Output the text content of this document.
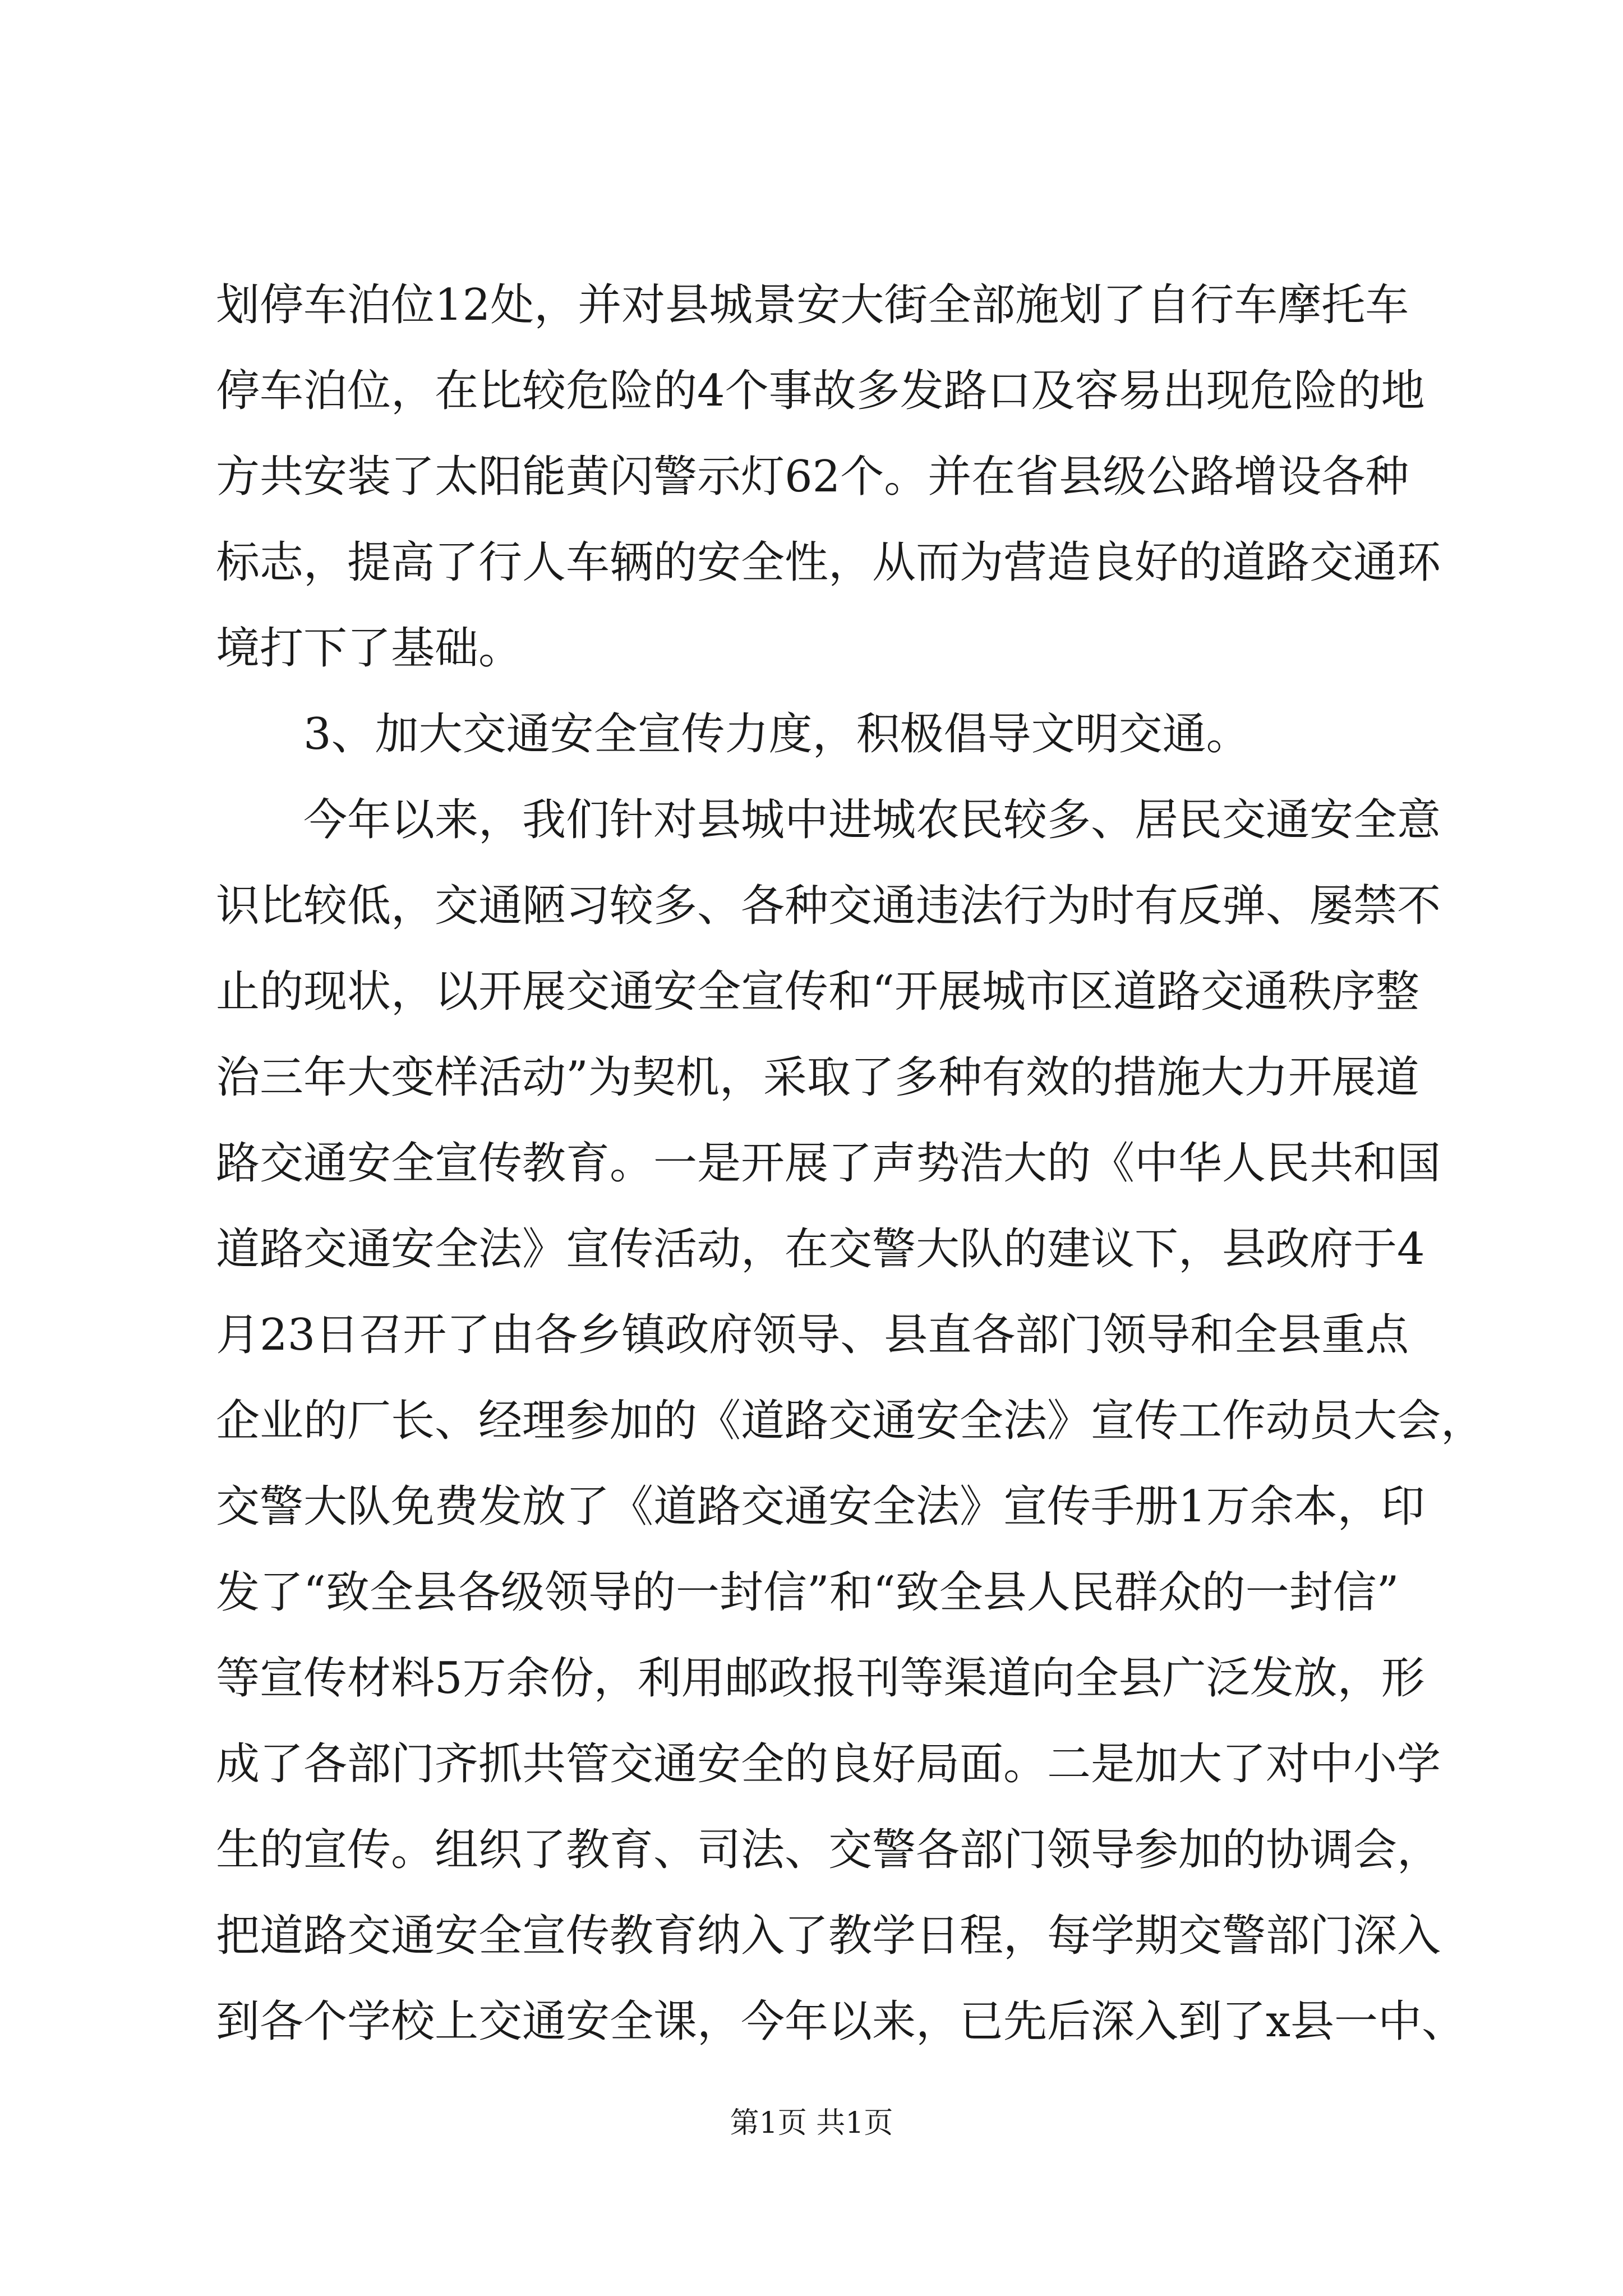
划停车泊位12处，并对县城景安大街全部施划了自行车摩托车
停车泊位，在比较危险的4个事故多发路口及容易出现危险的地
方共安装了太阳能黄闪警示灯62个。并在省县级公路增设各种
标志，提高了行人车辆的安全性，从而为营造良好的道路交通环
境打下了基础。
3、加大交通安全宣传力度，积极倡导文明交通。
今年以来，我们针对县城中进城农民较多、居民交通安全意
识比较低，交通陋习较多、各种交通违法行为时有反弹、屡禁不
止的现状，以开展交通安全宣传和“开展城市区道路交通秩序整
治三年大变样活动”为契机，采取了多种有效的措施大力开展道
路交通安全宣传教育。一是开展了声势浩大的《中华人民共和国
道路交通安全法》宣传活动，在交警大队的建议下，县政府于4
月23日召开了由各乡镇政府领导、县直各部门领导和全县重点
企业的厂长、经理参加的《道路交通安全法》宣传工作动员大会，
交警大队免费发放了《道路交通安全法》宣传手册1万余本，印
发了“致全县各级领导的一封信”和“致全县人民群众的一封信”
等宣传材料5万余份，利用邮政报刊等渠道向全县广泛发放，形
成了各部门齐抓共管交通安全的良好局面。二是加大了对中小学
生的宣传。组织了教育、司法、交警各部门领导参加的协调会，
把道路交通安全宣传教育纳入了教学日程，每学期交警部门深入
到各个学校上交通安全课，今年以来，已先后深入到了x县一中、
第1页 共1页
